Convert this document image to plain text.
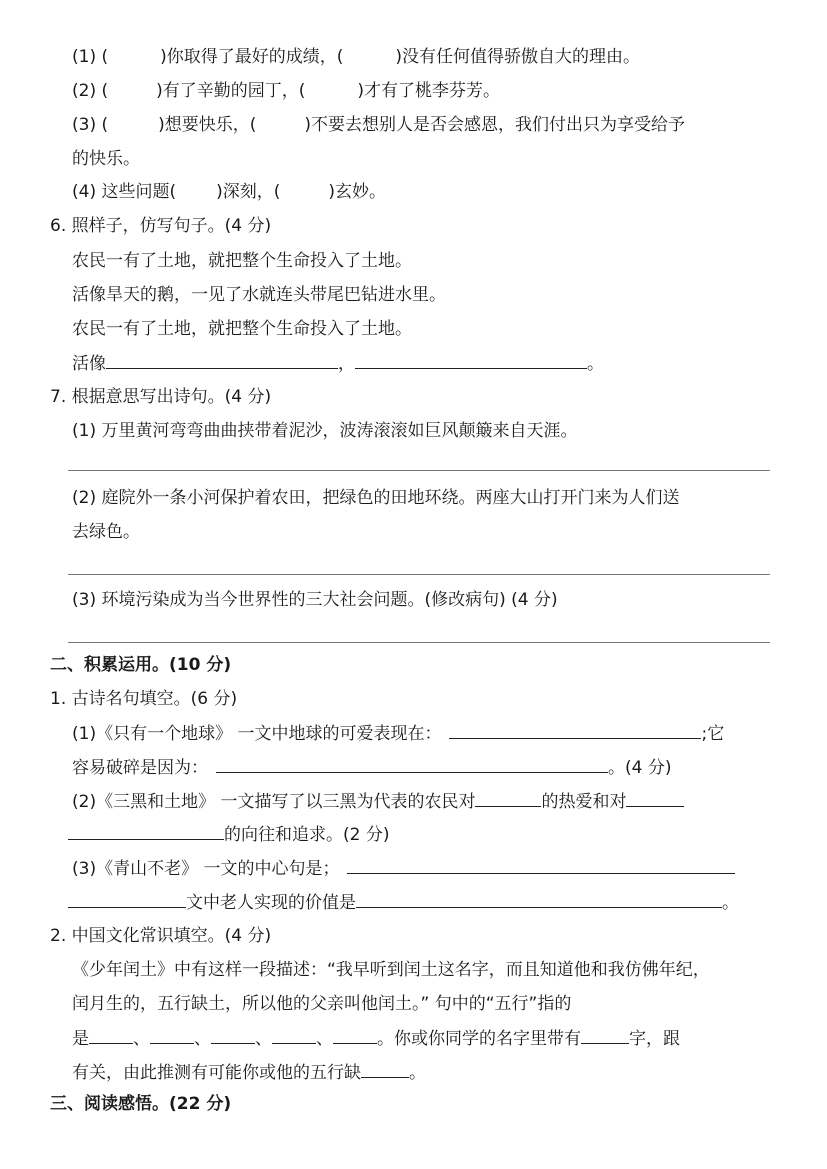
(1) (	)你取得了最好的成绩，(	)没有任何值得骄傲自大的理由。
(2) (	)有了辛勤的园丁，(	)才有了桃李芬芳。
(3) (	)想要快乐，(	)不要去想别人是否会感恩，我们付出只为享受给予
的快乐。
(4) 这些问题( )深刻，(	)玄妙。
6. 照样子，仿写句子。(4 分)
农民一有了土地，就把整个生命投入了土地。
活像旱天的鹅，一见了水就连头带尾巴钻进水里。
农民一有了土地，就把整个生命投入了土地。
活像	，	。
7. 根据意思写出诗句。(4 分)
(1) 万里黄河弯弯曲曲挟带着泥沙，波涛滚滚如巨风颠簸来自天涯。
(2) 庭院外一条小河保护着农田，把绿色的田地环绕。两座大山打开门来为人们送
去绿色。
(3) 环境污染成为当今世界性的三大社会问题。(修改病句) (4 分)
二、积累运用。(10 分)
1. 古诗名句填空。(6 分)
(1)《只有一个地球》 一文中地球的可爱表现在：	;它
容易破碎是因为：	。(4 分)
(2)《三黑和土地》 一文描写了以三黑为代表的农民对	的热爱和对
的向往和追求。(2 分)
(3)《青山不老》 一文的中心句是；
文中老人实现的价值是	。
2. 中国文化常识填空。(4 分)
《少年闰土》中有这样一段描述：“我早听到闰土这名字，而且知道他和我仿佛年纪，
闰月生的，五行缺土，所以他的父亲叫他闰土。” 句中的“五行”指的
是	、	、	、	、	。你或你同学的名字里带有	字，跟
有关，由此推测有可能你或他的五行缺	。
三、阅读感悟。(22 分)
